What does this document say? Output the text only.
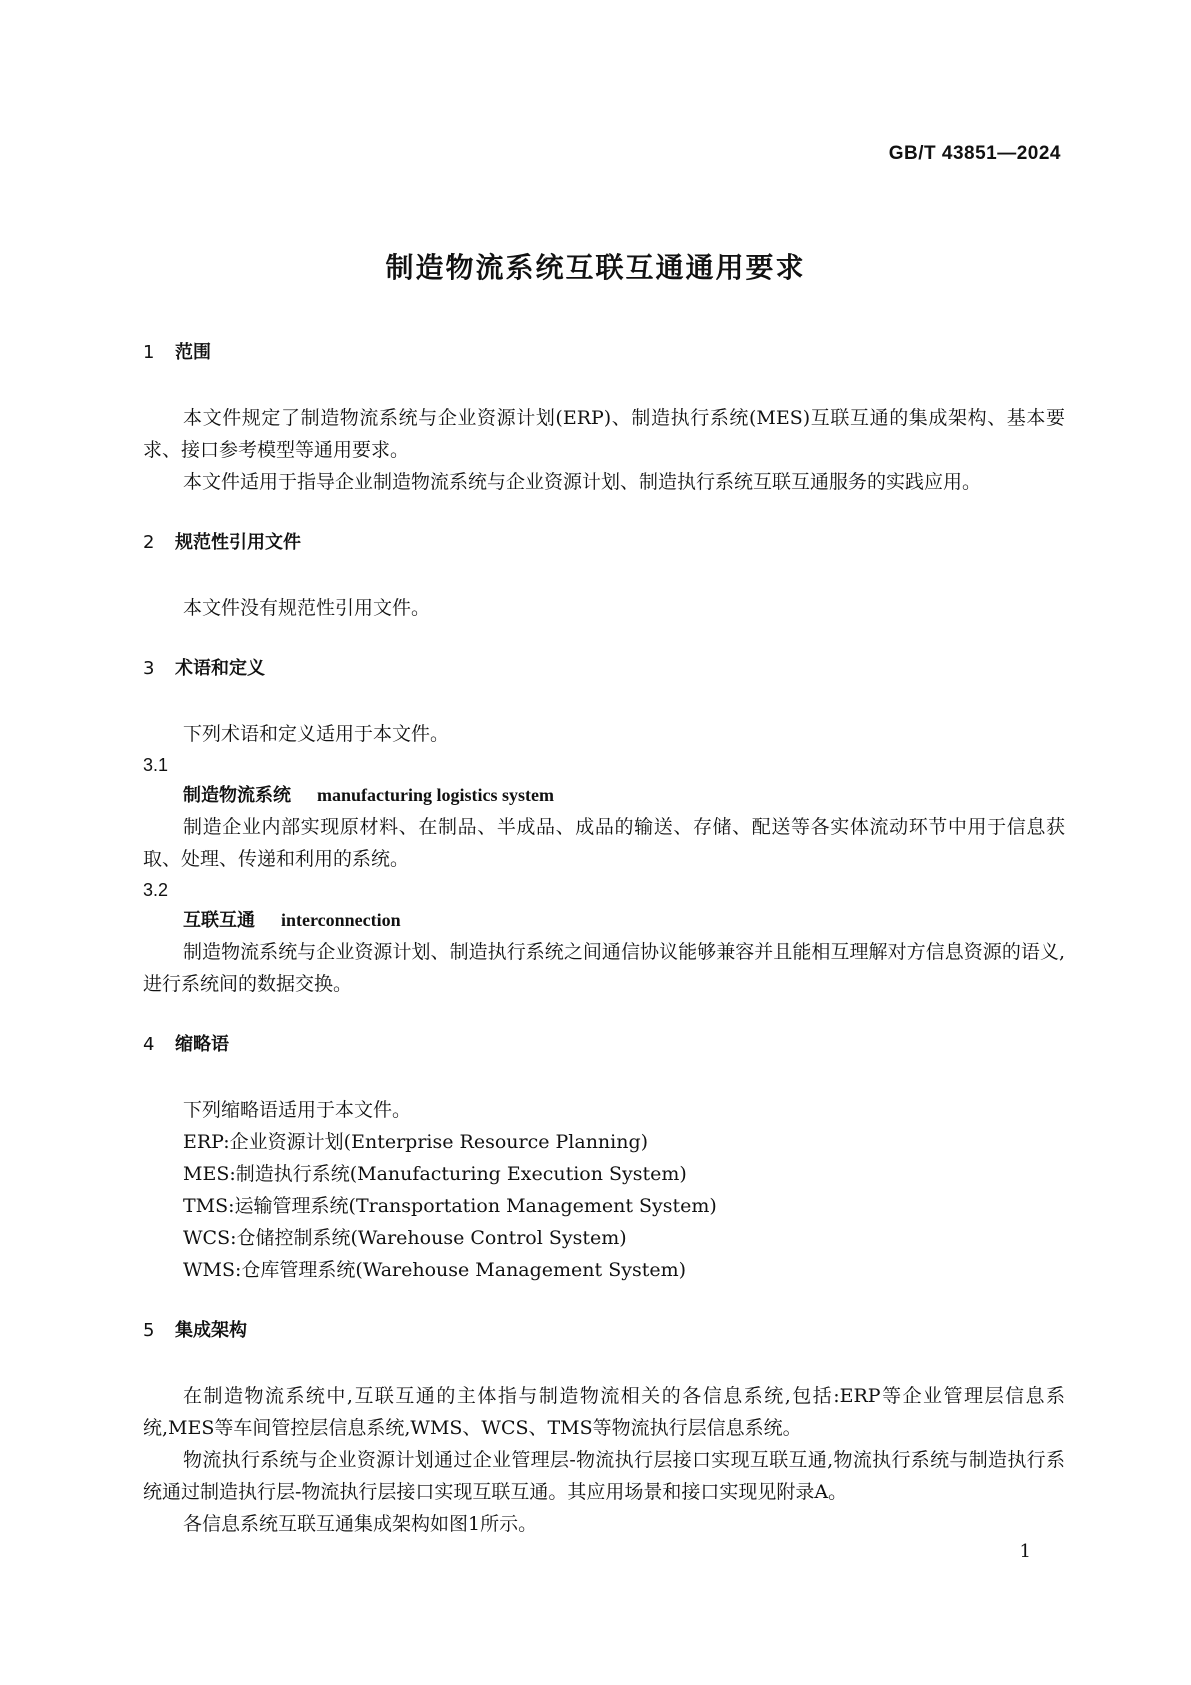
GB/T 43851—2024
制造物流系统互联互通通用要求
1 范围

本文件规定了制造物流系统与企业资源计划(ERP)、制造执行系统(MES)互联互通的集成架构、基本要求、接口参考模型等通用要求。

本文件适用于指导企业制造物流系统与企业资源计划、制造执行系统互联互通服务的实践应用。

2 规范性引用文件

本文件没有规范性引用文件。

3 术语和定义

下列术语和定义适用于本文件。

3.1

制造物流系统 manufacturing logistics system

制造企业内部实现原材料、在制品、半成品、成品的输送、存储、配送等各实体流动环节中用于信息获取、处理、传递和利用的系统。

3.2

互联互通 interconnection

制造物流系统与企业资源计划、制造执行系统之间通信协议能够兼容并且能相互理解对方信息资源的语义,进行系统间的数据交换。

4 缩略语

下列缩略语适用于本文件。

ERP:企业资源计划(Enterprise Resource Planning)

MES:制造执行系统(Manufacturing Execution System)

TMS:运输管理系统(Transportation Management System)

WCS:仓储控制系统(Warehouse Control System)

WMS:仓库管理系统(Warehouse Management System)

5 集成架构

在制造物流系统中,互联互通的主体指与制造物流相关的各信息系统,包括:ERP等企业管理层信息系统,MES等车间管控层信息系统,WMS、WCS、TMS等物流执行层信息系统。

物流执行系统与企业资源计划通过企业管理层-物流执行层接口实现互联互通,物流执行系统与制造执行系统通过制造执行层-物流执行层接口实现互联互通。其应用场景和接口实现见附录A。

各信息系统互联互通集成架构如图1所示。

1
